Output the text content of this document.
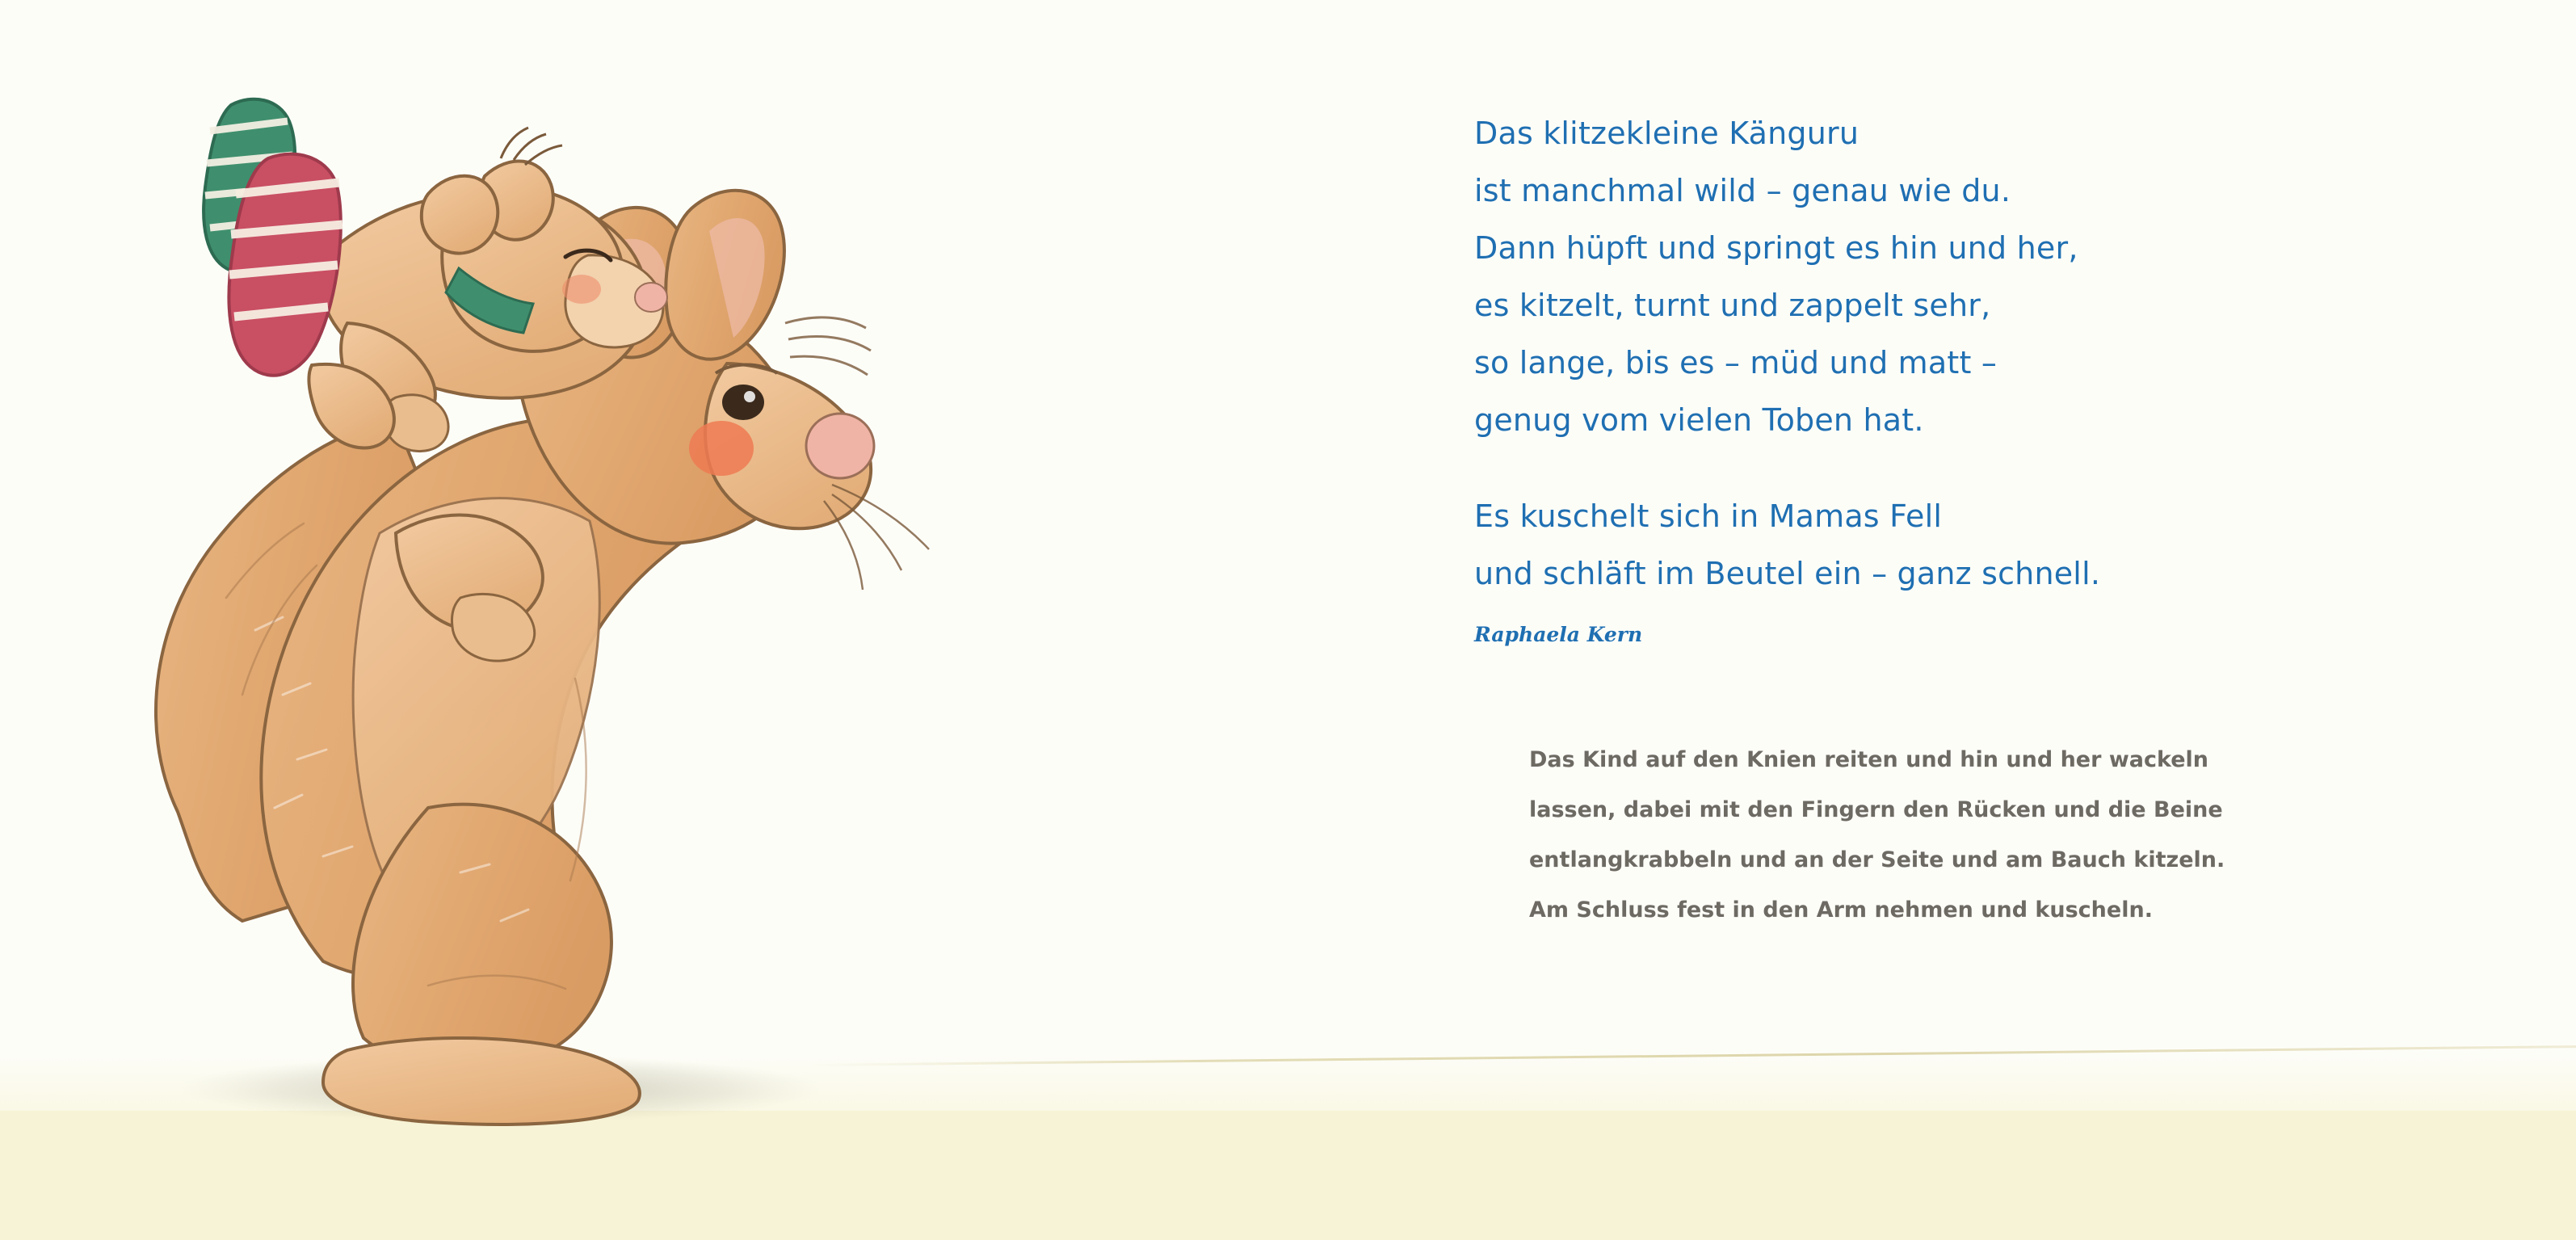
Das klitzekleine Känguru
ist manchmal wild – genau wie du.
Dann hüpft und springt es hin und her,
es kitzelt, turnt und zappelt sehr,
so lange, bis es – müd und matt –
genug vom vielen Toben hat.

Es kuschelt sich in Mamas Fell
und schläft im Beutel ein – ganz schnell.

Raphaela Kern
Das Kind auf den Knien reiten und hin und her wackeln
lassen, dabei mit den Fingern den Rücken und die Beine
entlangkrabbeln und an der Seite und am Bauch kitzeln.
Am Schluss fest in den Arm nehmen und kuscheln.
